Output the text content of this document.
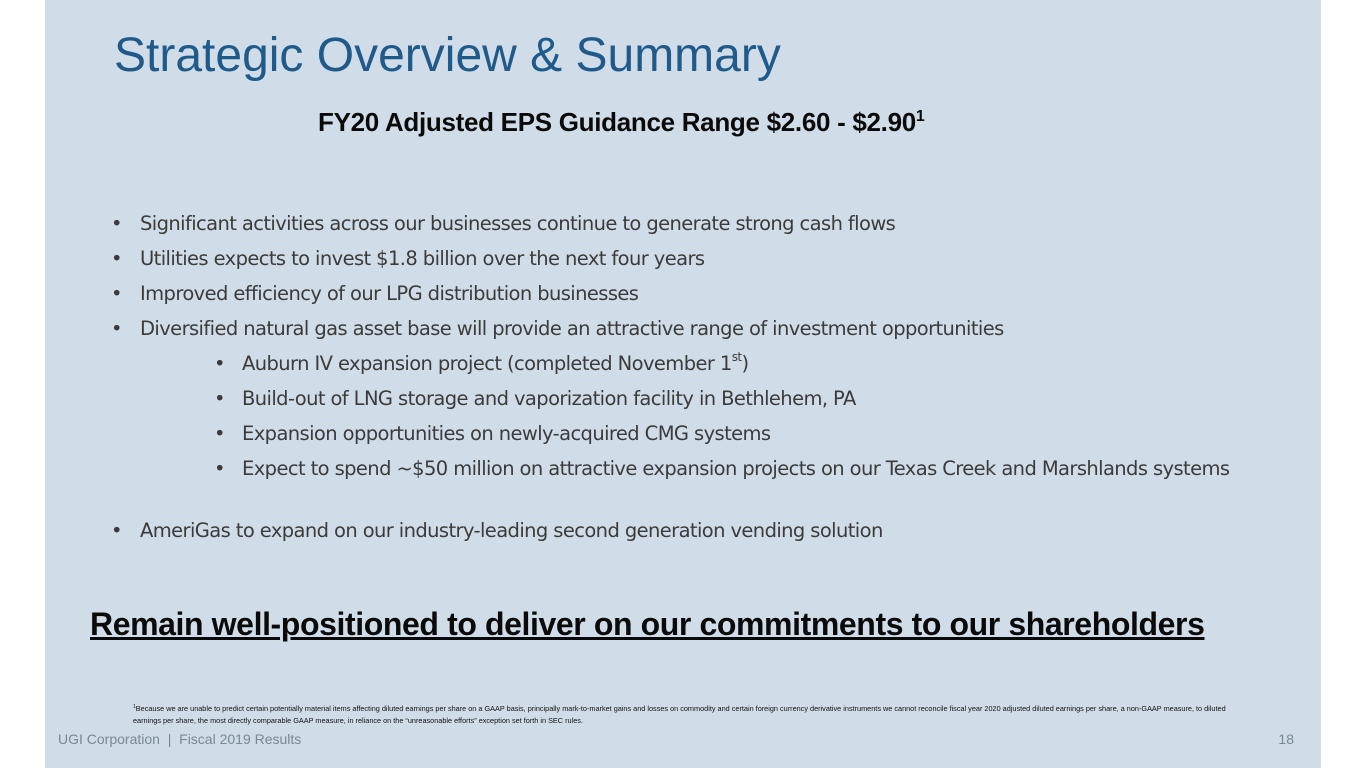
Strategic Overview & Summary
FY20 Adjusted EPS Guidance Range $2.60 - $2.90$^1$
• Significant activities across our businesses continue to generate strong cash flows
• Utilities expects to invest $1.8 billion over the next four years
• Improved efficiency of our LPG distribution businesses
• Diversified natural gas asset base will provide an attractive range of investment opportunities
• Auburn IV expansion project (completed November 1st)
• Build-out of LNG storage and vaporization facility in Bethlehem, PA
• Expansion opportunities on newly-acquired CMG systems
• Expect to spend ~$50 million on attractive expansion projects on our Texas Creek and Marshlands systems
• AmeriGas to expand on our industry-leading second generation vending solution
Remain well-positioned to deliver on our commitments to our shareholders
$^1$Because we are unable to predict certain potentially material items affecting diluted earnings per share on a GAAP basis, principally mark-to-market gains and losses on commodity and certain foreign currency derivative instruments we cannot reconcile fiscal year 2020 adjusted diluted earnings per share, a non-GAAP measure, to diluted earnings per share, the most directly comparable GAAP measure, in reliance on the “unreasonable efforts” exception set forth in SEC rules.
UGI Corporation | Fiscal 2019 Results	18
